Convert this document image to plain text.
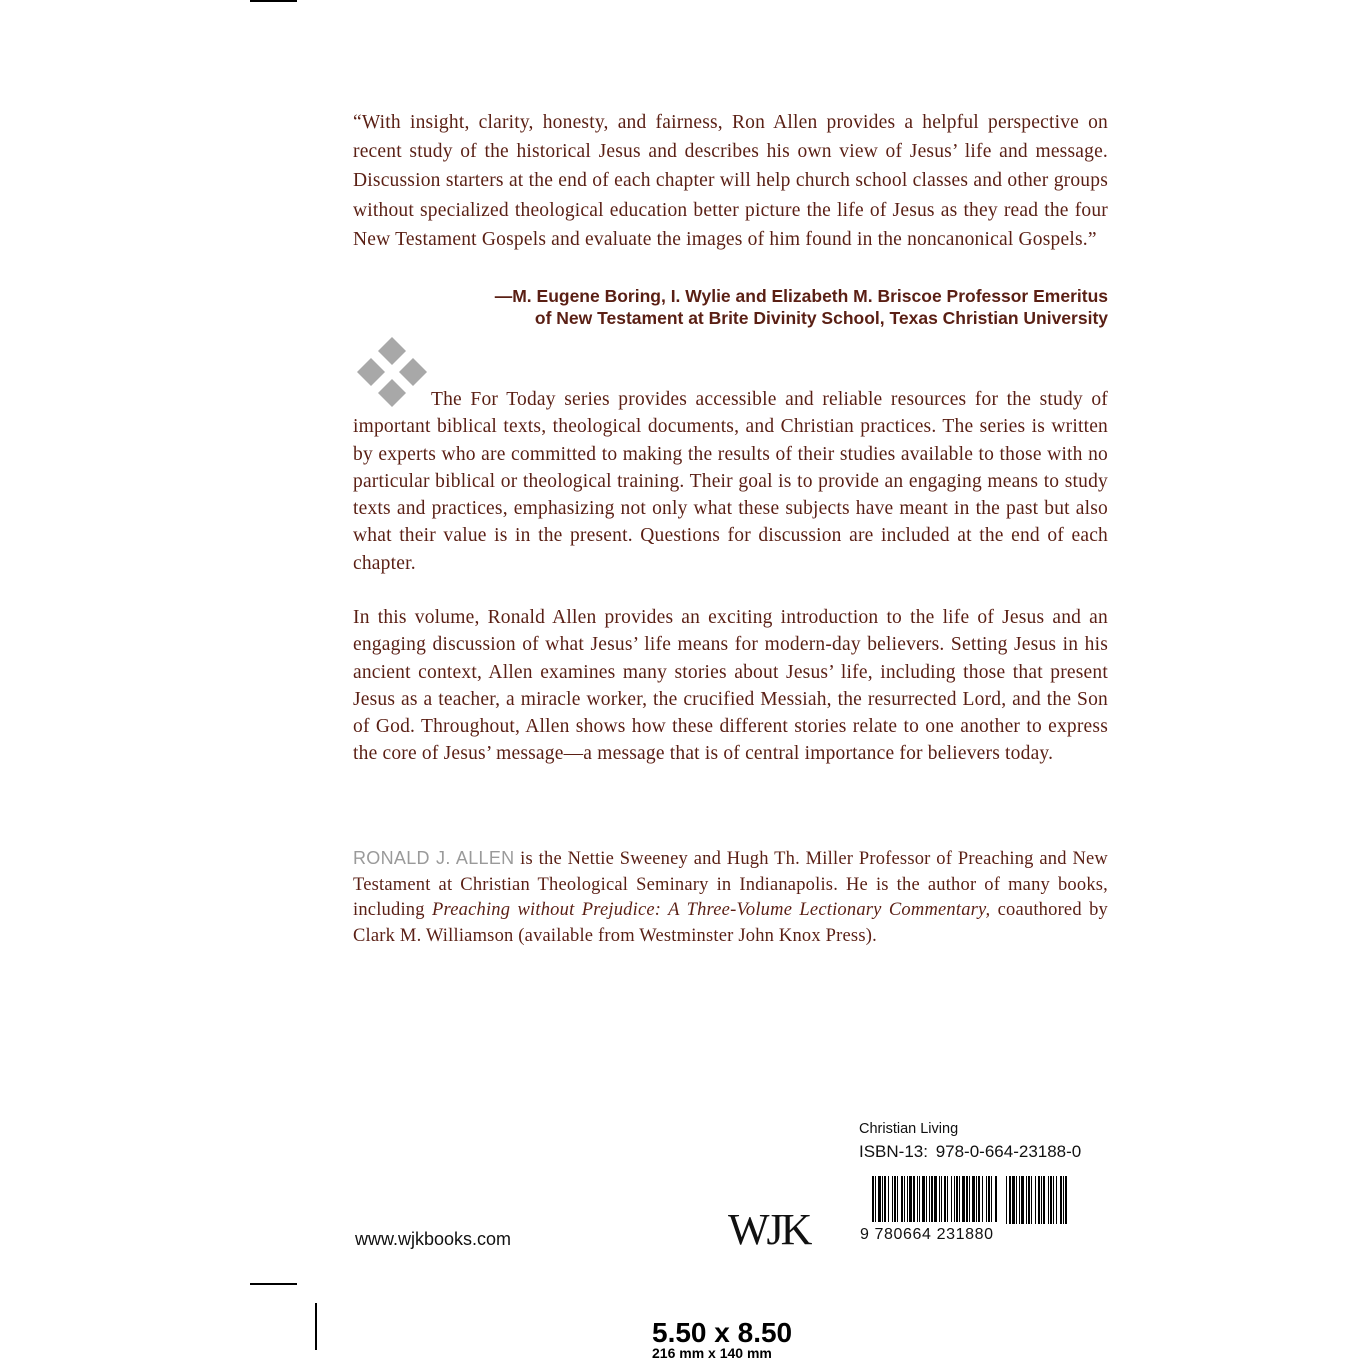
“With insight, clarity, honesty, and fairness, Ron Allen provides a helpful perspective on recent study of the historical Jesus and describes his own view of Jesus’ life and message. Discussion starters at the end of each chapter will help church school classes and other groups without specialized theological education better picture the life of Jesus as they read the four New Testament Gospels and evaluate the images of him found in the noncanonical Gospels.”

—M. Eugene Boring, I. Wylie and Elizabeth M. Briscoe Professor Emeritus
of New Testament at Brite Divinity School, Texas Christian University

The For Today series provides accessible and reliable resources for the study of important biblical texts, theological documents, and Christian practices. The series is written by experts who are committed to making the results of their studies available to those with no particular biblical or theological training. Their goal is to provide an engaging means to study texts and practices, emphasizing not only what these subjects have meant in the past but also what their value is in the present. Questions for discussion are included at the end of each chapter.

In this volume, Ronald Allen provides an exciting introduction to the life of Jesus and an engaging discussion of what Jesus’ life means for modern-day believers. Setting Jesus in his ancient context, Allen examines many stories about Jesus’ life, including those that present Jesus as a teacher, a miracle worker, the crucified Messiah, the resurrected Lord, and the Son of God. Throughout, Allen shows how these different stories relate to one another to express the core of Jesus’ message—a message that is of central importance for believers today.

RONALD J. ALLEN is the Nettie Sweeney and Hugh Th. Miller Professor of Preaching and New Testament at Christian Theological Seminary in Indianapolis. He is the author of many books, including Preaching without Prejudice: A Three-Volume Lectionary Commentary, coauthored by Clark M. Williamson (available from Westminster John Knox Press).

www.wjkbooks.com	WJK
Christian Living
ISBN-13: 978-0-664-23188-0
9 780664 231880
5.50 x 8.50
216 mm x 140 mm
